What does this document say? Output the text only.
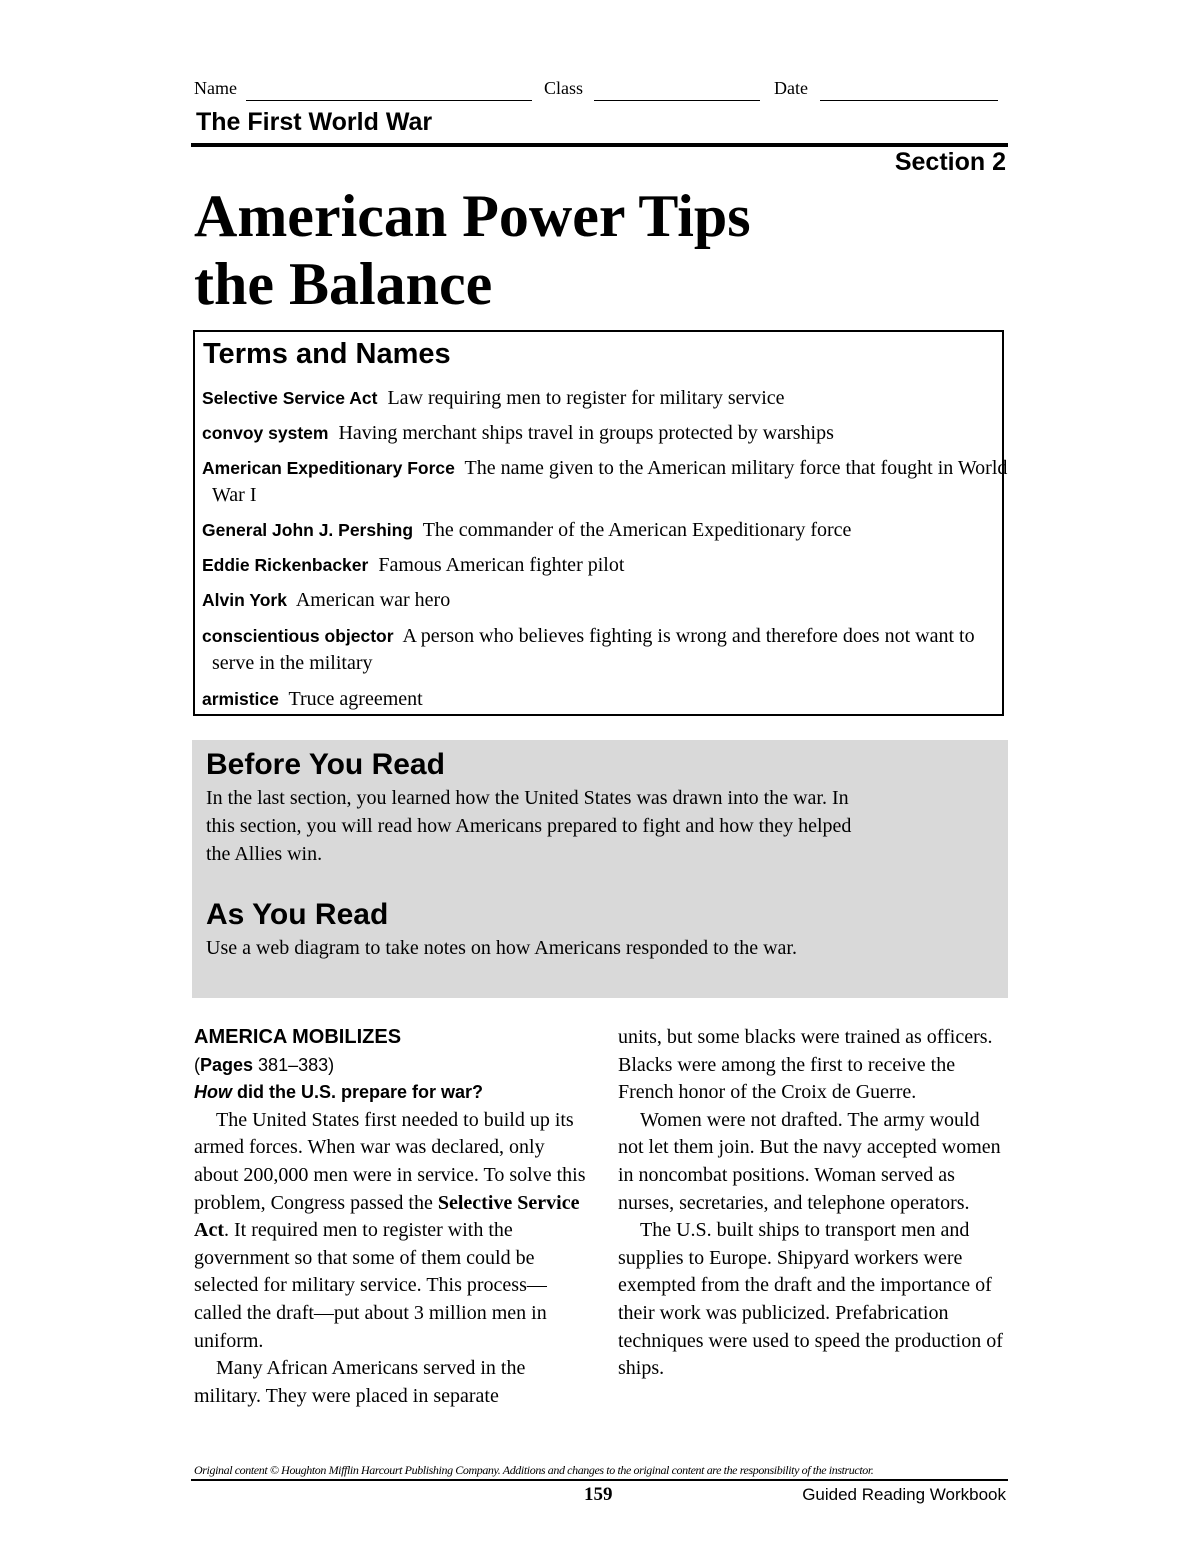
Name	Class	Date
The First World War
Section 2
American Power Tips
the Balance
Terms and Names
Selective Service Act Law requiring men to register for military service
convoy system Having merchant ships travel in groups protected by warships
American Expeditionary Force The name given to the American military force that fought in World War I
General John J. Pershing The commander of the American Expeditionary force
Eddie Rickenbacker Famous American fighter pilot
Alvin York American war hero
conscientious objector A person who believes fighting is wrong and therefore does not want to serve in the military
armistice Truce agreement
Before You Read

In the last section, you learned how the United States was drawn into the war. In this section, you will read how Americans prepared to fight and how they helped the Allies win.

As You Read

Use a web diagram to take notes on how Americans responded to the war.

AMERICA MOBILIZES
(Pages 381–383)
How did the U.S. prepare for war?

The United States first needed to build up its armed forces. When war was declared, only about 200,000 men were in service. To solve this problem, Congress passed the Selective Service Act. It required men to register with the government so that some of them could be selected for military service. This process—called the draft—put about 3 million men in uniform.

Many African Americans served in the military. They were placed in separate

units, but some blacks were trained as officers. Blacks were among the first to receive the French honor of the Croix de Guerre.

Women were not drafted. The army would not let them join. But the navy accepted women in noncombat positions. Woman served as nurses, secretaries, and telephone operators.

The U.S. built ships to transport men and supplies to Europe. Shipyard workers were exempted from the draft and the importance of their work was publicized. Prefabrication techniques were used to speed the production of ships.

Original content © Houghton Mifflin Harcourt Publishing Company. Additions and changes to the original content are the responsibility of the instructor.
159	Guided Reading Workbook
